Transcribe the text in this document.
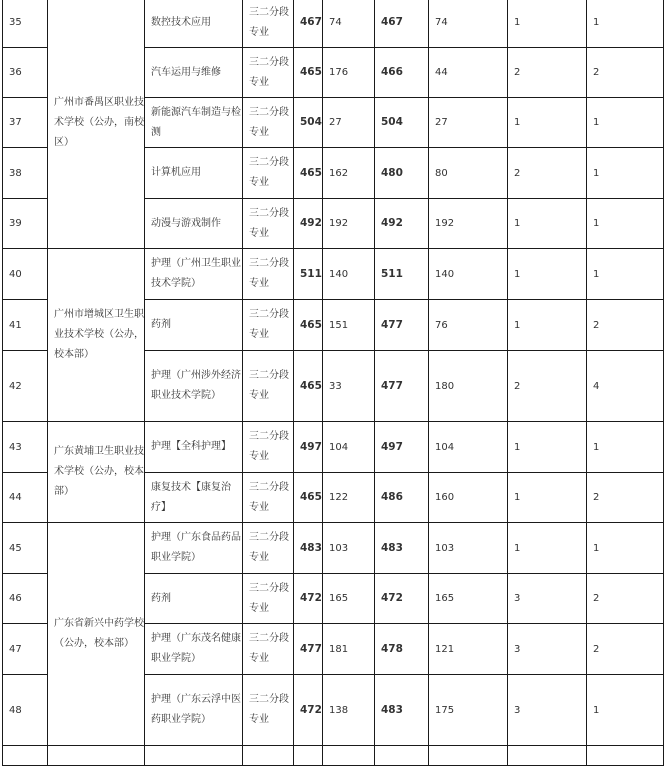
35	广州市番禺区职业技术学校（公办，南校区）	数控技术应用	三二分段专业	467	74	467	74	1	1
36		汽车运用与维修	三二分段专业	465	176	466	44	2	2
37		新能源汽车制造与检测	三二分段专业	504	27	504	27	1	1
38		计算机应用	三二分段专业	465	162	480	80	2	1
39		动漫与游戏制作	三二分段专业	492	192	492	192	1	1
40	广州市增城区卫生职业技术学校（公办，校本部）	护理（广州卫生职业技术学院）	三二分段专业	511	140	511	140	1	1
41		药剂	三二分段专业	465	151	477	76	1	2
42		护理（广州涉外经济职业技术学院）	三二分段专业	465	33	477	180	2	4
43	广东黄埔卫生职业技术学校（公办，校本部）	护理【全科护理】	三二分段专业	497	104	497	104	1	1
44		康复技术【康复治疗】	三二分段专业	465	122	486	160	1	2
45	广东省新兴中药学校（公办，校本部）	护理（广东食品药品职业学院）	三二分段专业	483	103	483	103	1	1
46		药剂	三二分段专业	472	165	472	165	3	2
47		护理（广东茂名健康职业学院）	三二分段专业	477	181	478	121	3	2
48		护理（广东云浮中医药职业学院）	三二分段专业	472	138	483	175	3	1
